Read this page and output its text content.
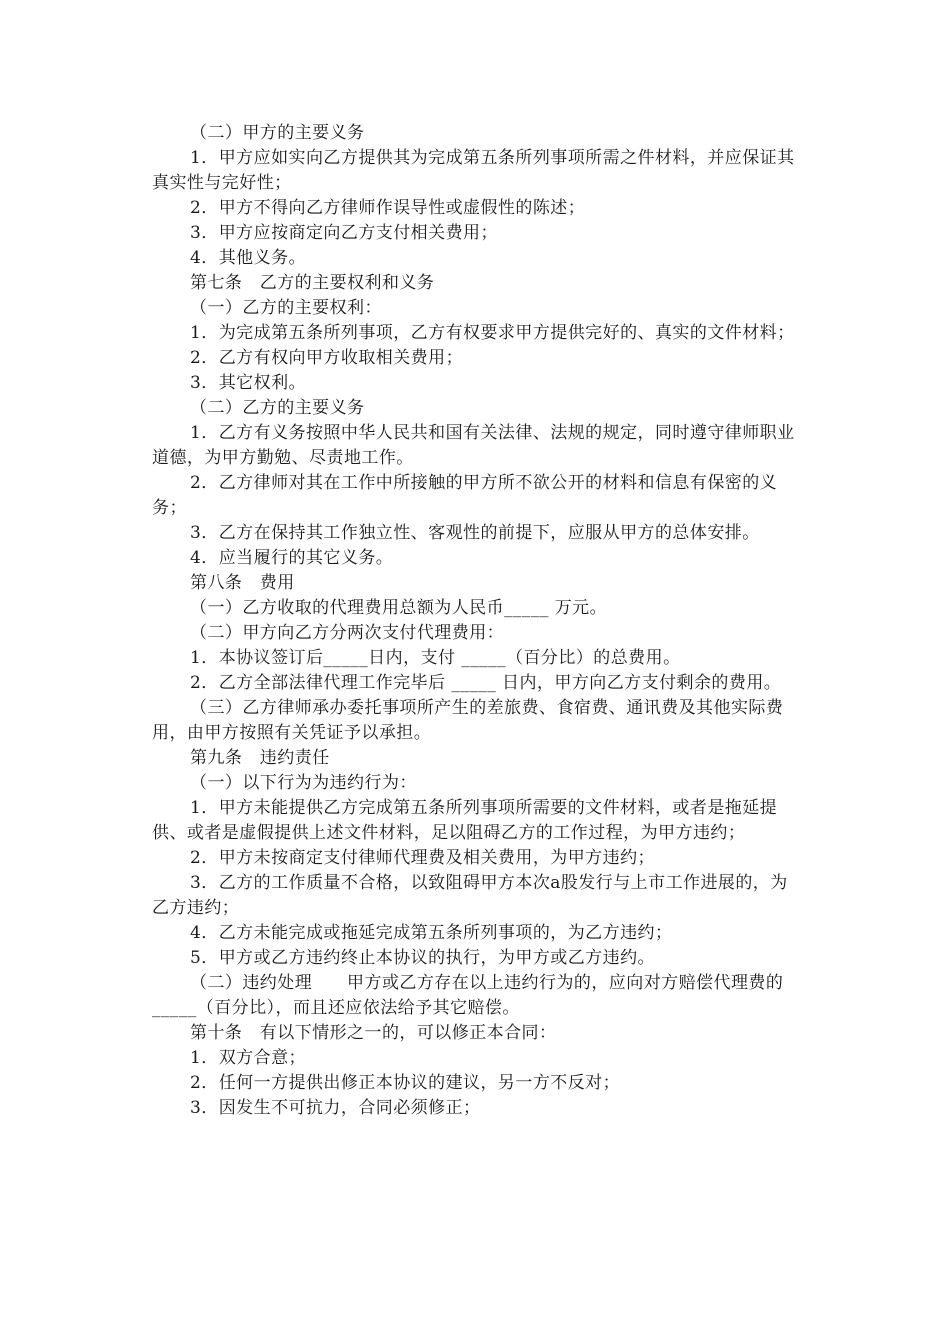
（二）甲方的主要义务

1．甲方应如实向乙方提供其为完成第五条所列事项所需之件材料，并应保证其真实性与完好性；

2．甲方不得向乙方律师作误导性或虚假性的陈述；

3．甲方应按商定向乙方支付相关费用；

4．其他义务。

第七条　乙方的主要权利和义务

（一）乙方的主要权利：

1．为完成第五条所列事项，乙方有权要求甲方提供完好的、真实的文件材料；

2．乙方有权向甲方收取相关费用；

3．其它权利。

（二）乙方的主要义务

1．乙方有义务按照中华人民共和国有关法律、法规的规定，同时遵守律师职业道德，为甲方勤勉、尽责地工作。

2．乙方律师对其在工作中所接触的甲方所不欲公开的材料和信息有保密的义务；

3．乙方在保持其工作独立性、客观性的前提下，应服从甲方的总体安排。

4．应当履行的其它义务。

第八条　费用

（一）乙方收取的代理费用总额为人民币_____ 万元。

（二）甲方向乙方分两次支付代理费用：

1．本协议签订后_____日内，支付 _____（百分比）的总费用。

2．乙方全部法律代理工作完毕后 _____ 日内，甲方向乙方支付剩余的费用。

（三）乙方律师承办委托事项所产生的差旅费、食宿费、通讯费及其他实际费用，由甲方按照有关凭证予以承担。

第九条　违约责任

（一）以下行为为违约行为：

1．甲方未能提供乙方完成第五条所列事项所需要的文件材料，或者是拖延提供、或者是虚假提供上述文件材料，足以阻碍乙方的工作过程，为甲方违约；

2．甲方未按商定支付律师代理费及相关费用，为甲方违约；

3．乙方的工作质量不合格，以致阻碍甲方本次a股发行与上市工作进展的，为乙方违约；

4．乙方未能完成或拖延完成第五条所列事项的，为乙方违约；

5．甲方或乙方违约终止本协议的执行，为甲方或乙方违约。

（二）违约处理　　甲方或乙方存在以上违约行为的，应向对方赔偿代理费的_____（百分比），而且还应依法给予其它赔偿。

第十条　有以下情形之一的，可以修正本合同：

1．双方合意；

2．任何一方提供出修正本协议的建议，另一方不反对；

3．因发生不可抗力，合同必须修正；
